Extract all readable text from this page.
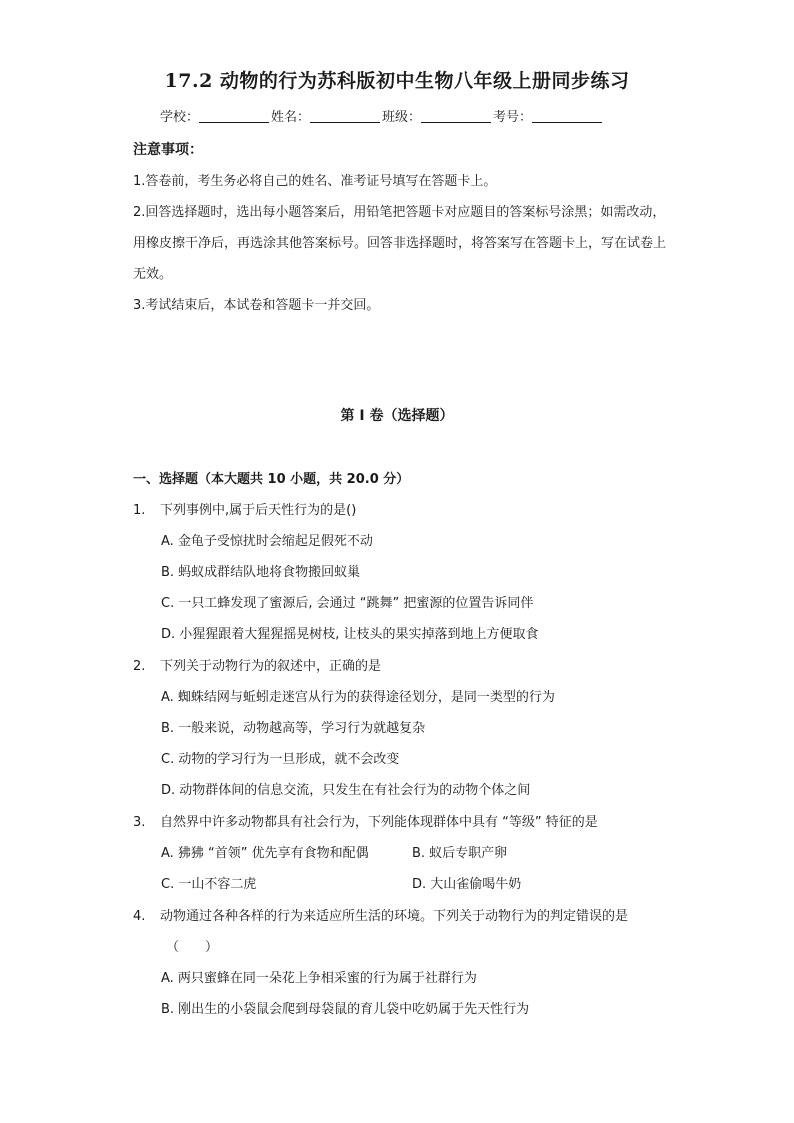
17.2 动物的行为苏科版初中生物八年级上册同步练习
学校：	姓名：	班级：	考号：
注意事项：
1.答卷前，考生务必将自己的姓名、准考证号填写在答题卡上。
2.回答选择题时，选出每小题答案后，用铅笔把答题卡对应题目的答案标号涂黑；如需改动，用橡皮擦干净后，再选涂其他答案标号。回答非选择题时，将答案写在答题卡上，写在试卷上无效。
3.考试结束后，本试卷和答题卡一并交回。
第 I 卷（选择题）
一、选择题（本大题共 10 小题，共 20.0 分）
1. 下列事例中,属于后天性行为的是()
A. 金龟子受惊扰时会缩起足假死不动
B. 蚂蚁成群结队地将食物搬回蚁巢
C. 一只工蜂发现了蜜源后, 会通过 “跳舞” 把蜜源的位置告诉同伴
D. 小猩猩跟着大猩猩摇晃树枝, 让枝头的果实掉落到地上方便取食
2. 下列关于动物行为的叙述中，正确的是
A. 蜘蛛结网与蚯蚓走迷宫从行为的获得途径划分，是同一类型的行为
B. 一般来说，动物越高等，学习行为就越复杂
C. 动物的学习行为一旦形成，就不会改变
D. 动物群体间的信息交流，只发生在有社会行为的动物个体之间
3. 自然界中许多动物都具有社会行为，下列能体现群体中具有 “等级” 特征的是
A. 狒狒 “首领” 优先享有食物和配偶	B. 蚁后专职产卵
C. 一山不容二虎	D. 大山雀偷喝牛奶
4. 动物通过各种各样的行为来适应所生活的环境。下列关于动物行为的判定错误的是
（　　）
A. 两只蜜蜂在同一朵花上争相采蜜的行为属于社群行为
B. 刚出生的小袋鼠会爬到母袋鼠的育儿袋中吃奶属于先天性行为
